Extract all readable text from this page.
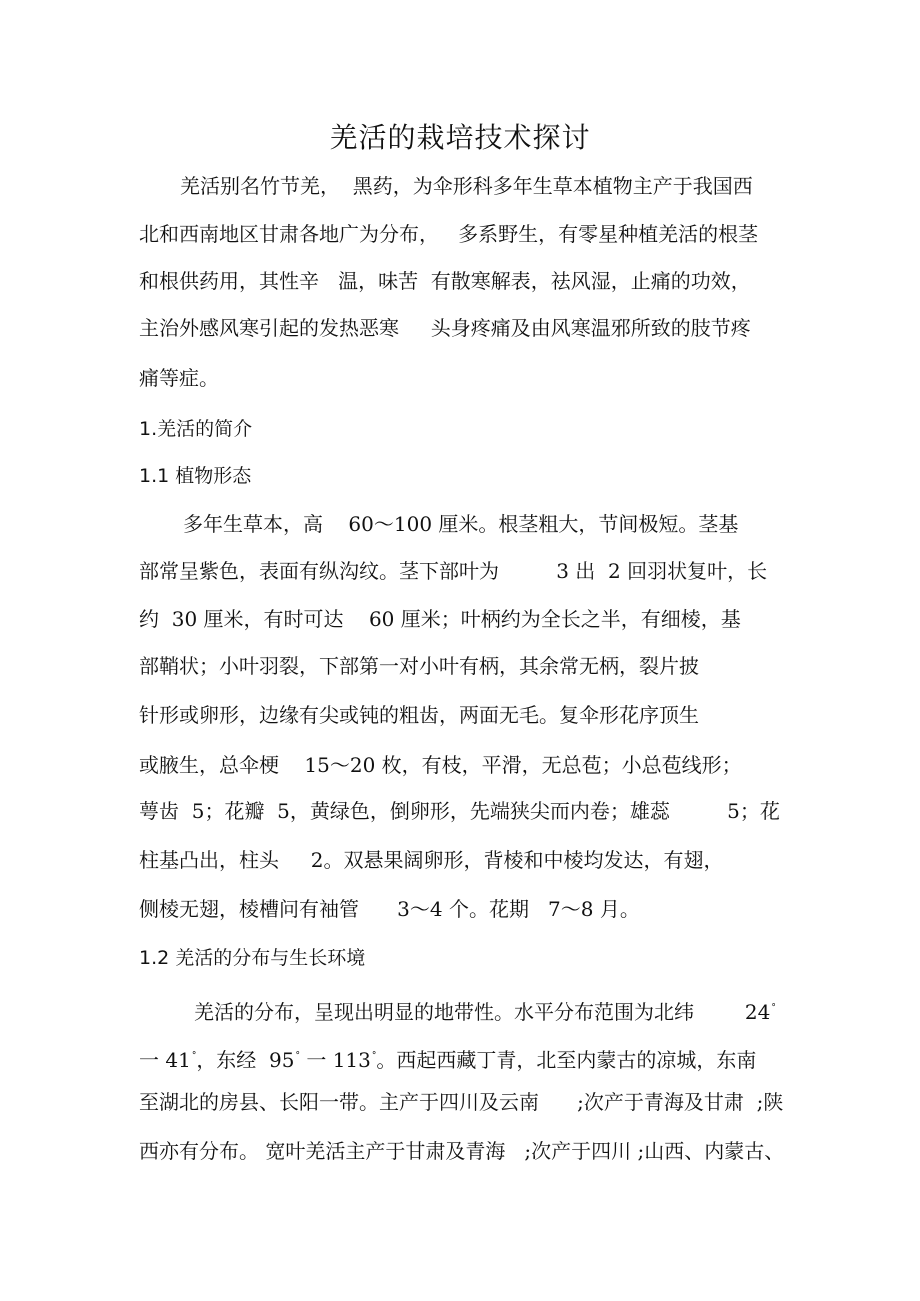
羌活的栽培技术探讨
羌活别名竹节羌，  黑药，为伞形科多年生草本植物主产于我国西
北和西南地区甘肃各地广为分布，   多系野生，有零星种植羌活的根茎
和根供药用，其性辛   温，味苦  有散寒解表，祛风湿，止痛的功效，
主治外感风寒引起的发热恶寒     头身疼痛及由风寒温邪所致的肢节疼
痛等症。
1.羌活的简介
1.1 植物形态
多年生草本，高    60～100 厘米。根茎粗大，节间极短。茎基
部常呈紫色，表面有纵沟纹。茎下部叶为         3 出  2 回羽状复叶，长
约  30 厘米，有时可达    60 厘米；叶柄约为全长之半，有细棱，基
部鞘状；小叶羽裂，下部第一对小叶有柄，其余常无柄，裂片披
针形或卵形，边缘有尖或钝的粗齿，两面无毛。复伞形花序顶生
或腋生，总伞梗    15～20 枚，有枝，平滑，无总苞；小总苞线形；
萼齿  5；花瓣  5，黄绿色，倒卵形，先端狭尖而内卷；雄蕊         5；花
柱基凸出，柱头     2。双悬果阔卵形，背棱和中棱均发达，有翅，
侧棱无翅，棱槽问有袖管      3～4 个。花期   7～8 月。
1.2 羌活的分布与生长环境
羌活的分布，呈现出明显的地带性。水平分布范围为北纬        24°
一 41°，东经  95° 一 113°。西起西藏丁青，北至内蒙古的凉城，东南
至湖北的房县、长阳一带。主产于四川及云南      ;次产于青海及甘肃  ;陕
西亦有分布。 宽叶羌活主产于甘肃及青海   ;次产于四川 ;山西、内蒙古、
